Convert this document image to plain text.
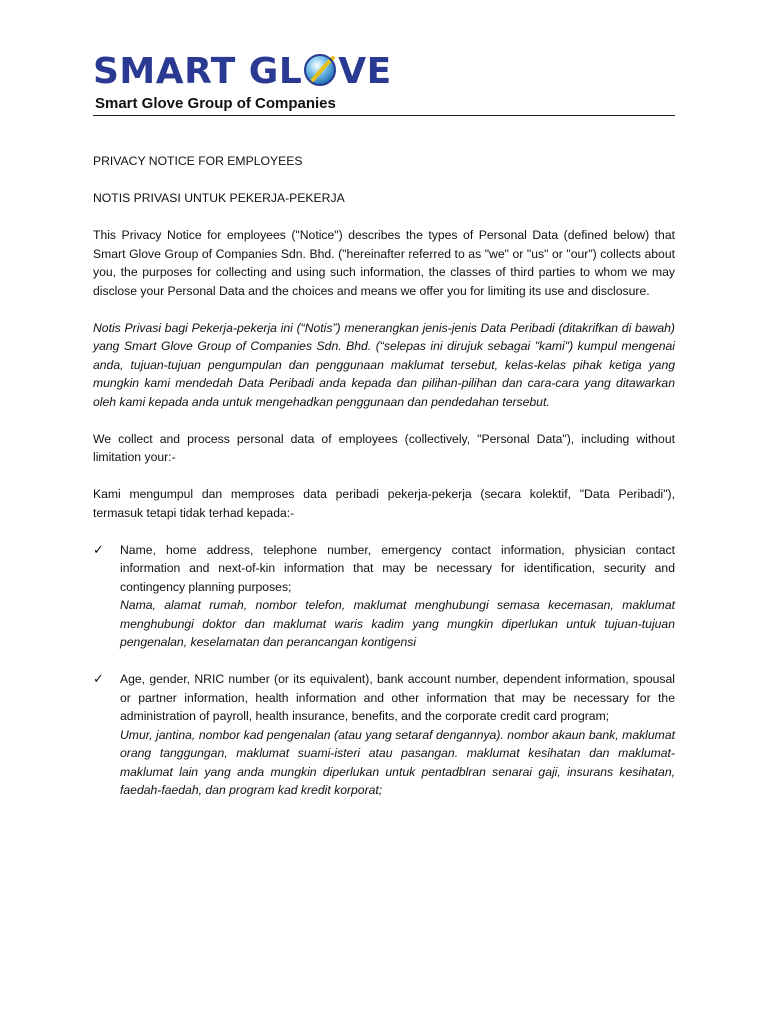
SMART GL VE
Smart Glove Group of Companies

PRIVACY NOTICE FOR EMPLOYEES

NOTIS PRIVASI UNTUK PEKERJA-PEKERJA

This Privacy Notice for employees ("Notice") describes the types of Personal Data (defined below) that Smart Glove Group of Companies Sdn. Bhd. ("hereinafter referred to as "we" or "us" or "our") collects about you, the purposes for collecting and using such information, the classes of third parties to whom we may disclose your Personal Data and the choices and means we offer you for limiting its use and disclosure.

Notis Privasi bagi Pekerja-pekerja ini (“Notis”) menerangkan jenis-jenis Data Peribadi (ditakrifkan di bawah) yang Smart Glove Group of Companies Sdn. Bhd. (“selepas ini dirujuk sebagai "kami") kumpul mengenai anda, tujuan-tujuan pengumpulan dan penggunaan maklumat tersebut, kelas-kelas pihak ketiga yang mungkin kami mendedah Data Peribadi anda kepada dan pilihan-pilihan dan cara-cara yang ditawarkan oleh kami kepada anda untuk mengehadkan penggunaan dan pendedahan tersebut.

We collect and process personal data of employees (collectively, "Personal Data"), including without limitation your:-

Kami mengumpul dan memproses data peribadi pekerja-pekerja (secara kolektif, "Data Peribadi"), termasuk tetapi tidak terhad kepada:-

✓ Name, home address, telephone number, emergency contact information, physician contact information and next-of-kin information that may be necessary for identification, security and contingency planning purposes;

Nama, alamat rumah, nombor telefon, maklumat menghubungi semasa kecemasan, maklumat menghubungi doktor dan maklumat waris kadim yang mungkin diperlukan untuk tujuan-tujuan pengenalan, keselamatan dan perancangan kontigensi

✓ Age, gender, NRIC number (or its equivalent), bank account number, dependent information, spousal or partner information, health information and other information that may be necessary for the administration of payroll, health insurance, benefits, and the corporate credit card program;

Umur, jantina, nombor kad pengenalan (atau yang setaraf dengannya). nombor akaun bank, maklumat orang tanggungan, maklumat suami-isteri atau pasangan. maklumat kesihatan dan maklumat-maklumat lain yang anda mungkin diperlukan untuk pentadblran senarai gaji, insurans kesihatan, faedah-faedah, dan program kad kredit korporat;
